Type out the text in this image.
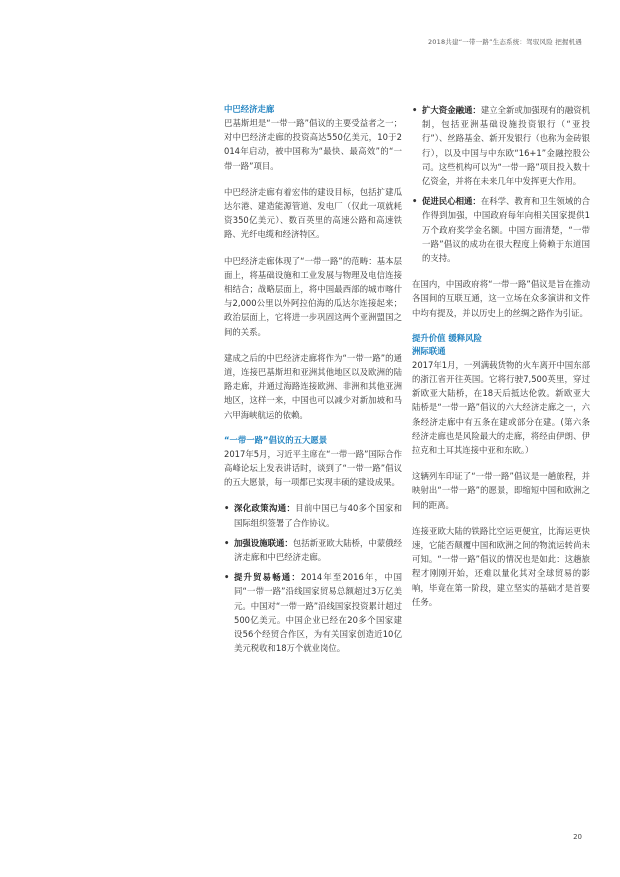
2018共建“一带一路”生态系统：驾驭风险 把握机遇
中巴经济走廊

巴基斯坦是“一带一路”倡议的主要受益者之一；对中巴经济走廊的投资高达550亿美元，10于2014年启动，被中国称为“最快、最高效”的“一带一路”项目。

中巴经济走廊有着宏伟的建设目标，包括扩建瓜达尔港、建造能源管道、发电厂（仅此一项就耗资350亿美元）、数百英里的高速公路和高速铁路、光纤电缆和经济特区。

中巴经济走廊体现了“一带一路”的范畴：基本层面上，将基础设施和工业发展与物理及电信连接相结合；战略层面上，将中国最西部的城市喀什与2,000公里以外阿拉伯海的瓜达尔连接起来；政治层面上，它将进一步巩固这两个亚洲盟国之间的关系。

建成之后的中巴经济走廊将作为“一带一路”的通道，连接巴基斯坦和亚洲其他地区以及欧洲的陆路走廊，并通过海路连接欧洲、非洲和其他亚洲地区，这样一来，中国也可以减少对新加坡和马六甲海峡航运的依赖。

“一带一路”倡议的五大愿景

2017年5月，习近平主席在“一带一路”国际合作高峰论坛上发表讲话时，谈到了“一带一路”倡议的五大愿景，每一项都已实现丰硕的建设成果。

• 深化政策沟通：目前中国已与40多个国家和国际组织签署了合作协议。
• 加强设施联通：包括新亚欧大陆桥，中蒙俄经济走廊和中巴经济走廊。
• 提升贸易畅通：2014年至2016年，中国同“一带一路”沿线国家贸易总额超过3万亿美元。中国对“一带一路”沿线国家投资累计超过500亿美元。中国企业已经在20多个国家建设56个经贸合作区，为有关国家创造近10亿美元税收和18万个就业岗位。
• 扩大资金融通：建立全新或加强现有的融资机制，包括亚洲基础设施投资银行（“亚投行”）、丝路基金、新开发银行（也称为金砖银行），以及中国与中东欧“16+1”金融控股公司。这些机构可以为“一带一路”项目投入数十亿资金，并将在未来几年中发挥更大作用。
• 促进民心相通：在科学、教育和卫生领域的合作得到加强，中国政府每年向相关国家提供1万个政府奖学金名额。中国方面清楚，“一带一路”倡议的成功在很大程度上倚赖于东道国的支持。

在国内，中国政府将“一带一路”倡议是旨在推动各国间的互联互通，这一立场在众多演讲和文件中均有提及，并以历史上的丝绸之路作为引证。

提升价值 缓释风险
洲际联通

2017年1月，一列满载货物的火车离开中国东部的浙江省开往英国。它将行驶7,500英里，穿过新欧亚大陆桥，在18天后抵达伦敦。新欧亚大陆桥是“一带一路”倡议的六大经济走廊之一，六条经济走廊中有五条在建或部分在建。(第六条经济走廊也是风险最大的走廊，将经由伊朗、伊拉克和土耳其连接中亚和东欧。）

这辆列车印证了“一带一路”倡议是一趟旅程，并映射出“一带一路”的愿景，即缩短中国和欧洲之间的距离。

连接亚欧大陆的铁路比空运更便宜，比海运更快速，它能否颠覆中国和欧洲之间的物流运转尚未可知。“一带一路”倡议的情况也是如此：这趟旅程才刚刚开始，还难以量化其对全球贸易的影响，毕竟在第一阶段，建立坚实的基础才是首要任务。

20
